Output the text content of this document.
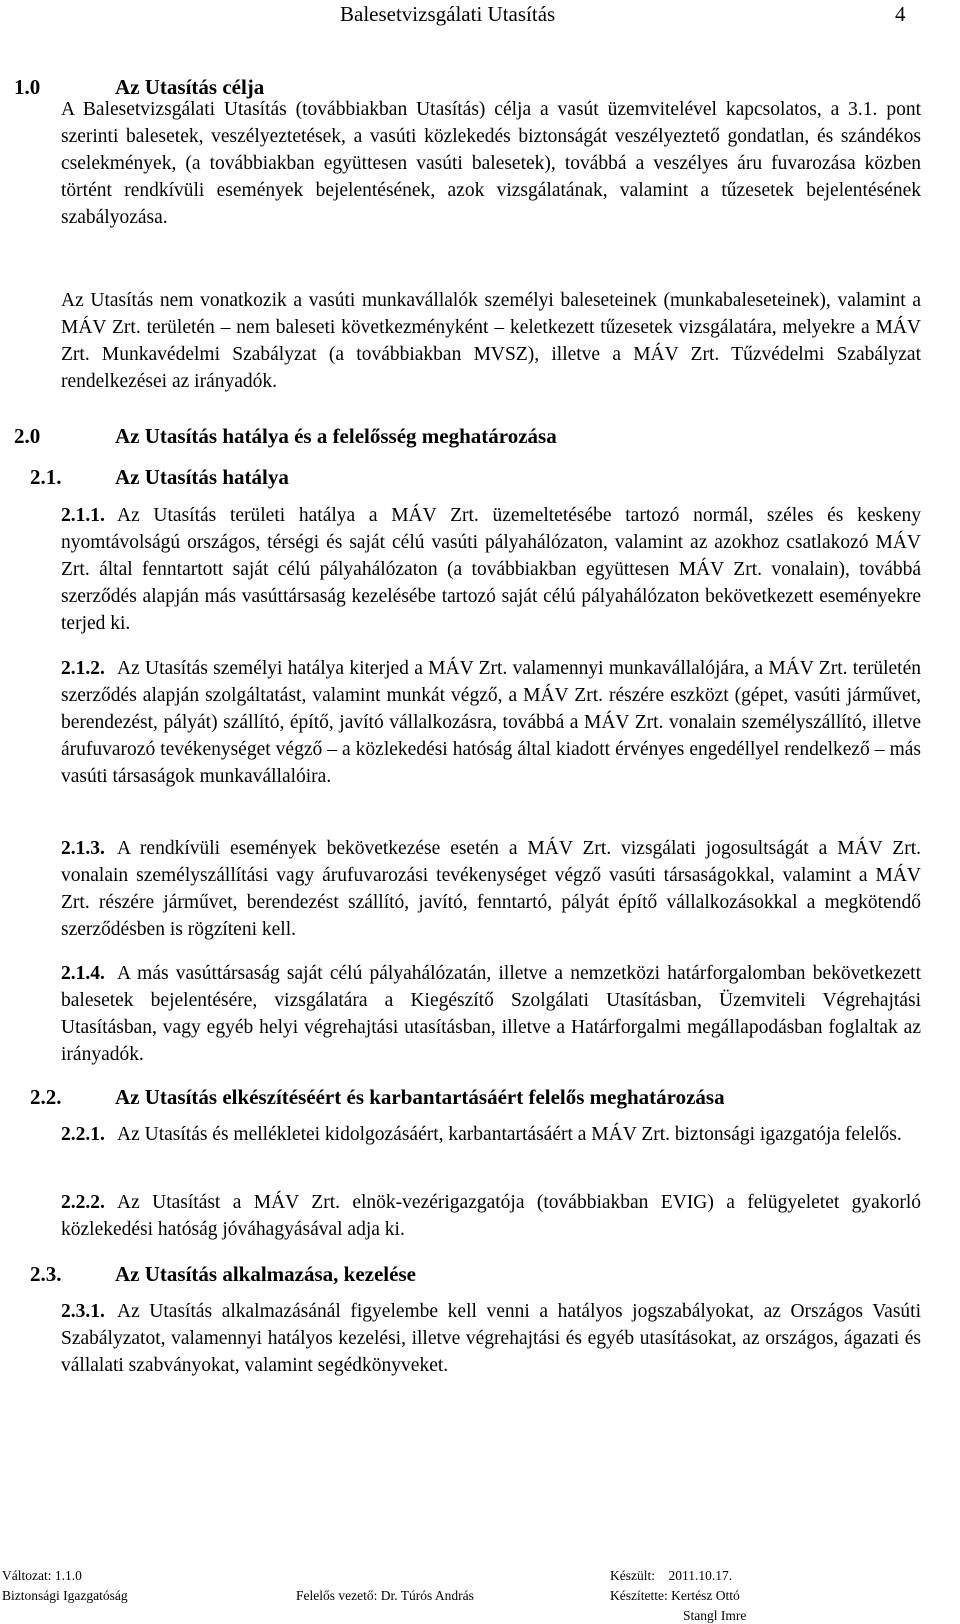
Balesetvizsgálati Utasítás	4
1.0	Az Utasítás célja

A Balesetvizsgálati Utasítás (továbbiakban Utasítás) célja a vasút üzemvitelével kapcsolatos, a 3.1. pont szerinti balesetek, veszélyeztetések, a vasúti közlekedés biztonságát veszélyeztető gondatlan, és szándékos cselekmények, (a továbbiakban együttesen vasúti balesetek), továbbá a veszélyes áru fuvarozása közben történt rendkívüli események bejelentésének, azok vizsgálatának, valamint a tűzesetek bejelentésének szabályozása.

Az Utasítás nem vonatkozik a vasúti munkavállalók személyi baleseteinek (munkabaleseteinek), valamint a MÁV Zrt. területén – nem baleseti következményként – keletkezett tűzesetek vizsgálatára, melyekre a MÁV Zrt. Munkavédelmi Szabályzat (a továbbiakban MVSZ), illetve a MÁV Zrt. Tűzvédelmi Szabályzat rendelkezései az irányadók.

2.0	Az Utasítás hatálya és a felelősség meghatározása
2.1.	Az Utasítás hatálya

2.1.1. Az Utasítás területi hatálya a MÁV Zrt. üzemeltetésébe tartozó normál, széles és keskeny nyomtávolságú országos, térségi és saját célú vasúti pályahálózaton, valamint az azokhoz csatlakozó MÁV Zrt. által fenntartott saját célú pályahálózaton (a továbbiakban együttesen MÁV Zrt. vonalain), továbbá szerződés alapján más vasúttársaság kezelésébe tartozó saját célú pályahálózaton bekövetkezett eseményekre terjed ki.

2.1.2. Az Utasítás személyi hatálya kiterjed a MÁV Zrt. valamennyi munkavállalójára, a MÁV Zrt. területén szerződés alapján szolgáltatást, valamint munkát végző, a MÁV Zrt. részére eszközt (gépet, vasúti járművet, berendezést, pályát) szállító, építő, javító vállalkozásra, továbbá a MÁV Zrt. vonalain személyszállító, illetve árufuvarozó tevékenységet végző – a közlekedési hatóság által kiadott érvényes engedéllyel rendelkező – más vasúti társaságok munkavállalóira.

2.1.3. A rendkívüli események bekövetkezése esetén a MÁV Zrt. vizsgálati jogosultságát a MÁV Zrt. vonalain személyszállítási vagy árufuvarozási tevékenységet végző vasúti társaságokkal, valamint a MÁV Zrt. részére járművet, berendezést szállító, javító, fenntartó, pályát építő vállalkozásokkal a megkötendő szerződésben is rögzíteni kell.

2.1.4. A más vasúttársaság saját célú pályahálózatán, illetve a nemzetközi határforgalomban bekövetkezett balesetek bejelentésére, vizsgálatára a Kiegészítő Szolgálati Utasításban, Üzemviteli Végrehajtási Utasításban, vagy egyéb helyi végrehajtási utasításban, illetve a Határforgalmi megállapodásban foglaltak az irányadók.

2.2.	Az Utasítás elkészítéséért és karbantartásáért felelős meghatározása

2.2.1. Az Utasítás és mellékletei kidolgozásáért, karbantartásáért a MÁV Zrt. biztonsági igazgatója felelős.

2.2.2. Az Utasítást a MÁV Zrt. elnök-vezérigazgatója (továbbiakban EVIG) a felügyeletet gyakorló közlekedési hatóság jóváhagyásával adja ki.

2.3.	Az Utasítás alkalmazása, kezelése

2.3.1. Az Utasítás alkalmazásánál figyelembe kell venni a hatályos jogszabályokat, az Országos Vasúti Szabályzatot, valamennyi hatályos kezelési, illetve végrehajtási és egyéb utasításokat, az országos, ágazati és vállalati szabványokat, valamint segédkönyveket.

Változat: 1.1.0
Biztonsági Igazgatóság	Felelős vezető: Dr. Túrós András
Készült:    2011.10.17.
Készítette: Kertész Ottó
Stangl Imre
